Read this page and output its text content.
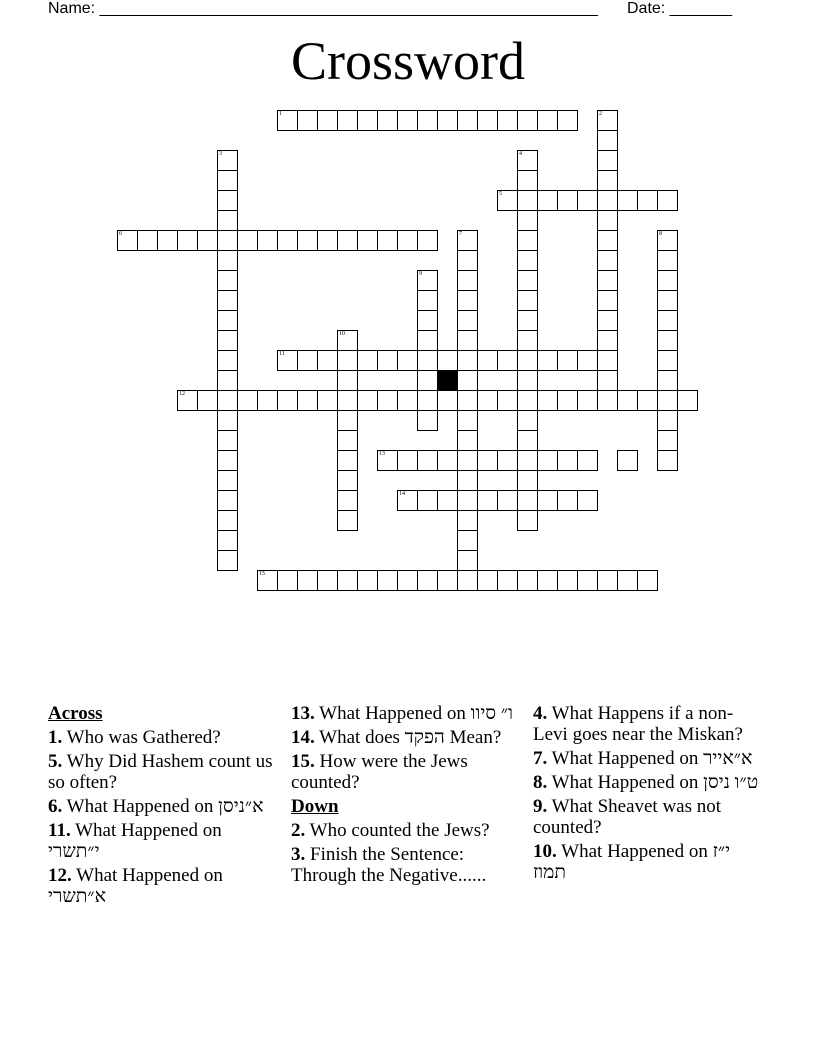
Name: ________________________________________________________ Date: _______
Crossword
1	2
3	4
5
6	7	8
9
10
11
12
13
14
15
Across
1. Who was Gathered?
5. Why Did Hashem count us so often?
6. What Happened on א״ניסן
11. What Happened on י״תשרי
12. What Happened on א״תשרי
13. What Happened on ו״ סיוו
14. What does הפקד Mean?
15. How were the Jews counted?
Down
2. Who counted the Jews?
3. Finish the Sentence: Through the Negative......
4. What Happens if a non- Levi goes near the Miskan?
7. What Happened on א״אייר
8. What Happened on ט״ו ניסן
9. What Sheavet was not counted?
10. What Happened on י״ז תמוז
